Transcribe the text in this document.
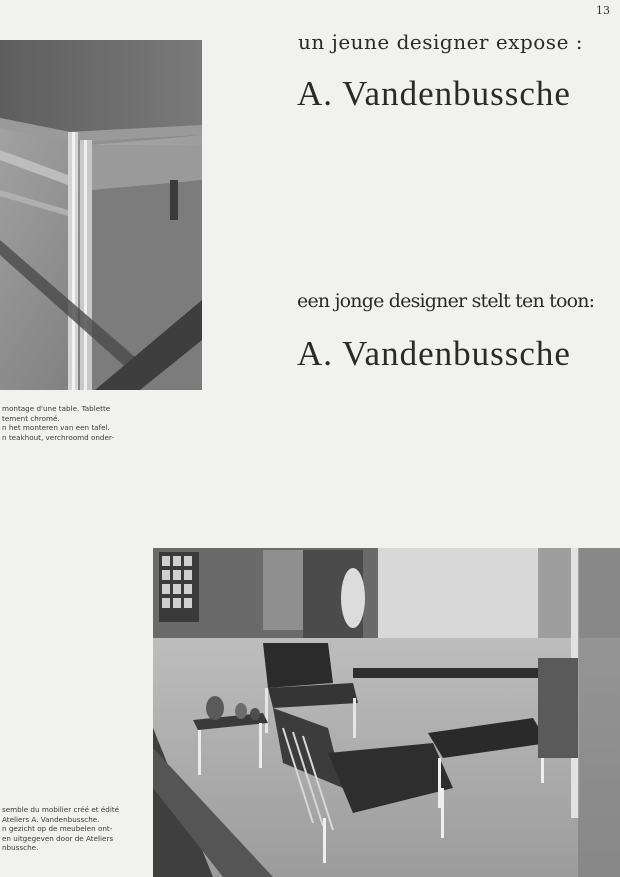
13
un jeune designer expose :
A. Vandenbussche
een jonge designer stelt ten toon:
A. Vandenbussche
montage d'une table. Tablette
tement chromé.
n het monteren van een tafel.
n teakhout, verchroomd onder-
semble du mobilier créé et édité
Ateliers A. Vandenbussche.
n gezicht op de meubelen ont-
en uitgegeven door de Ateliers
nbussche.
